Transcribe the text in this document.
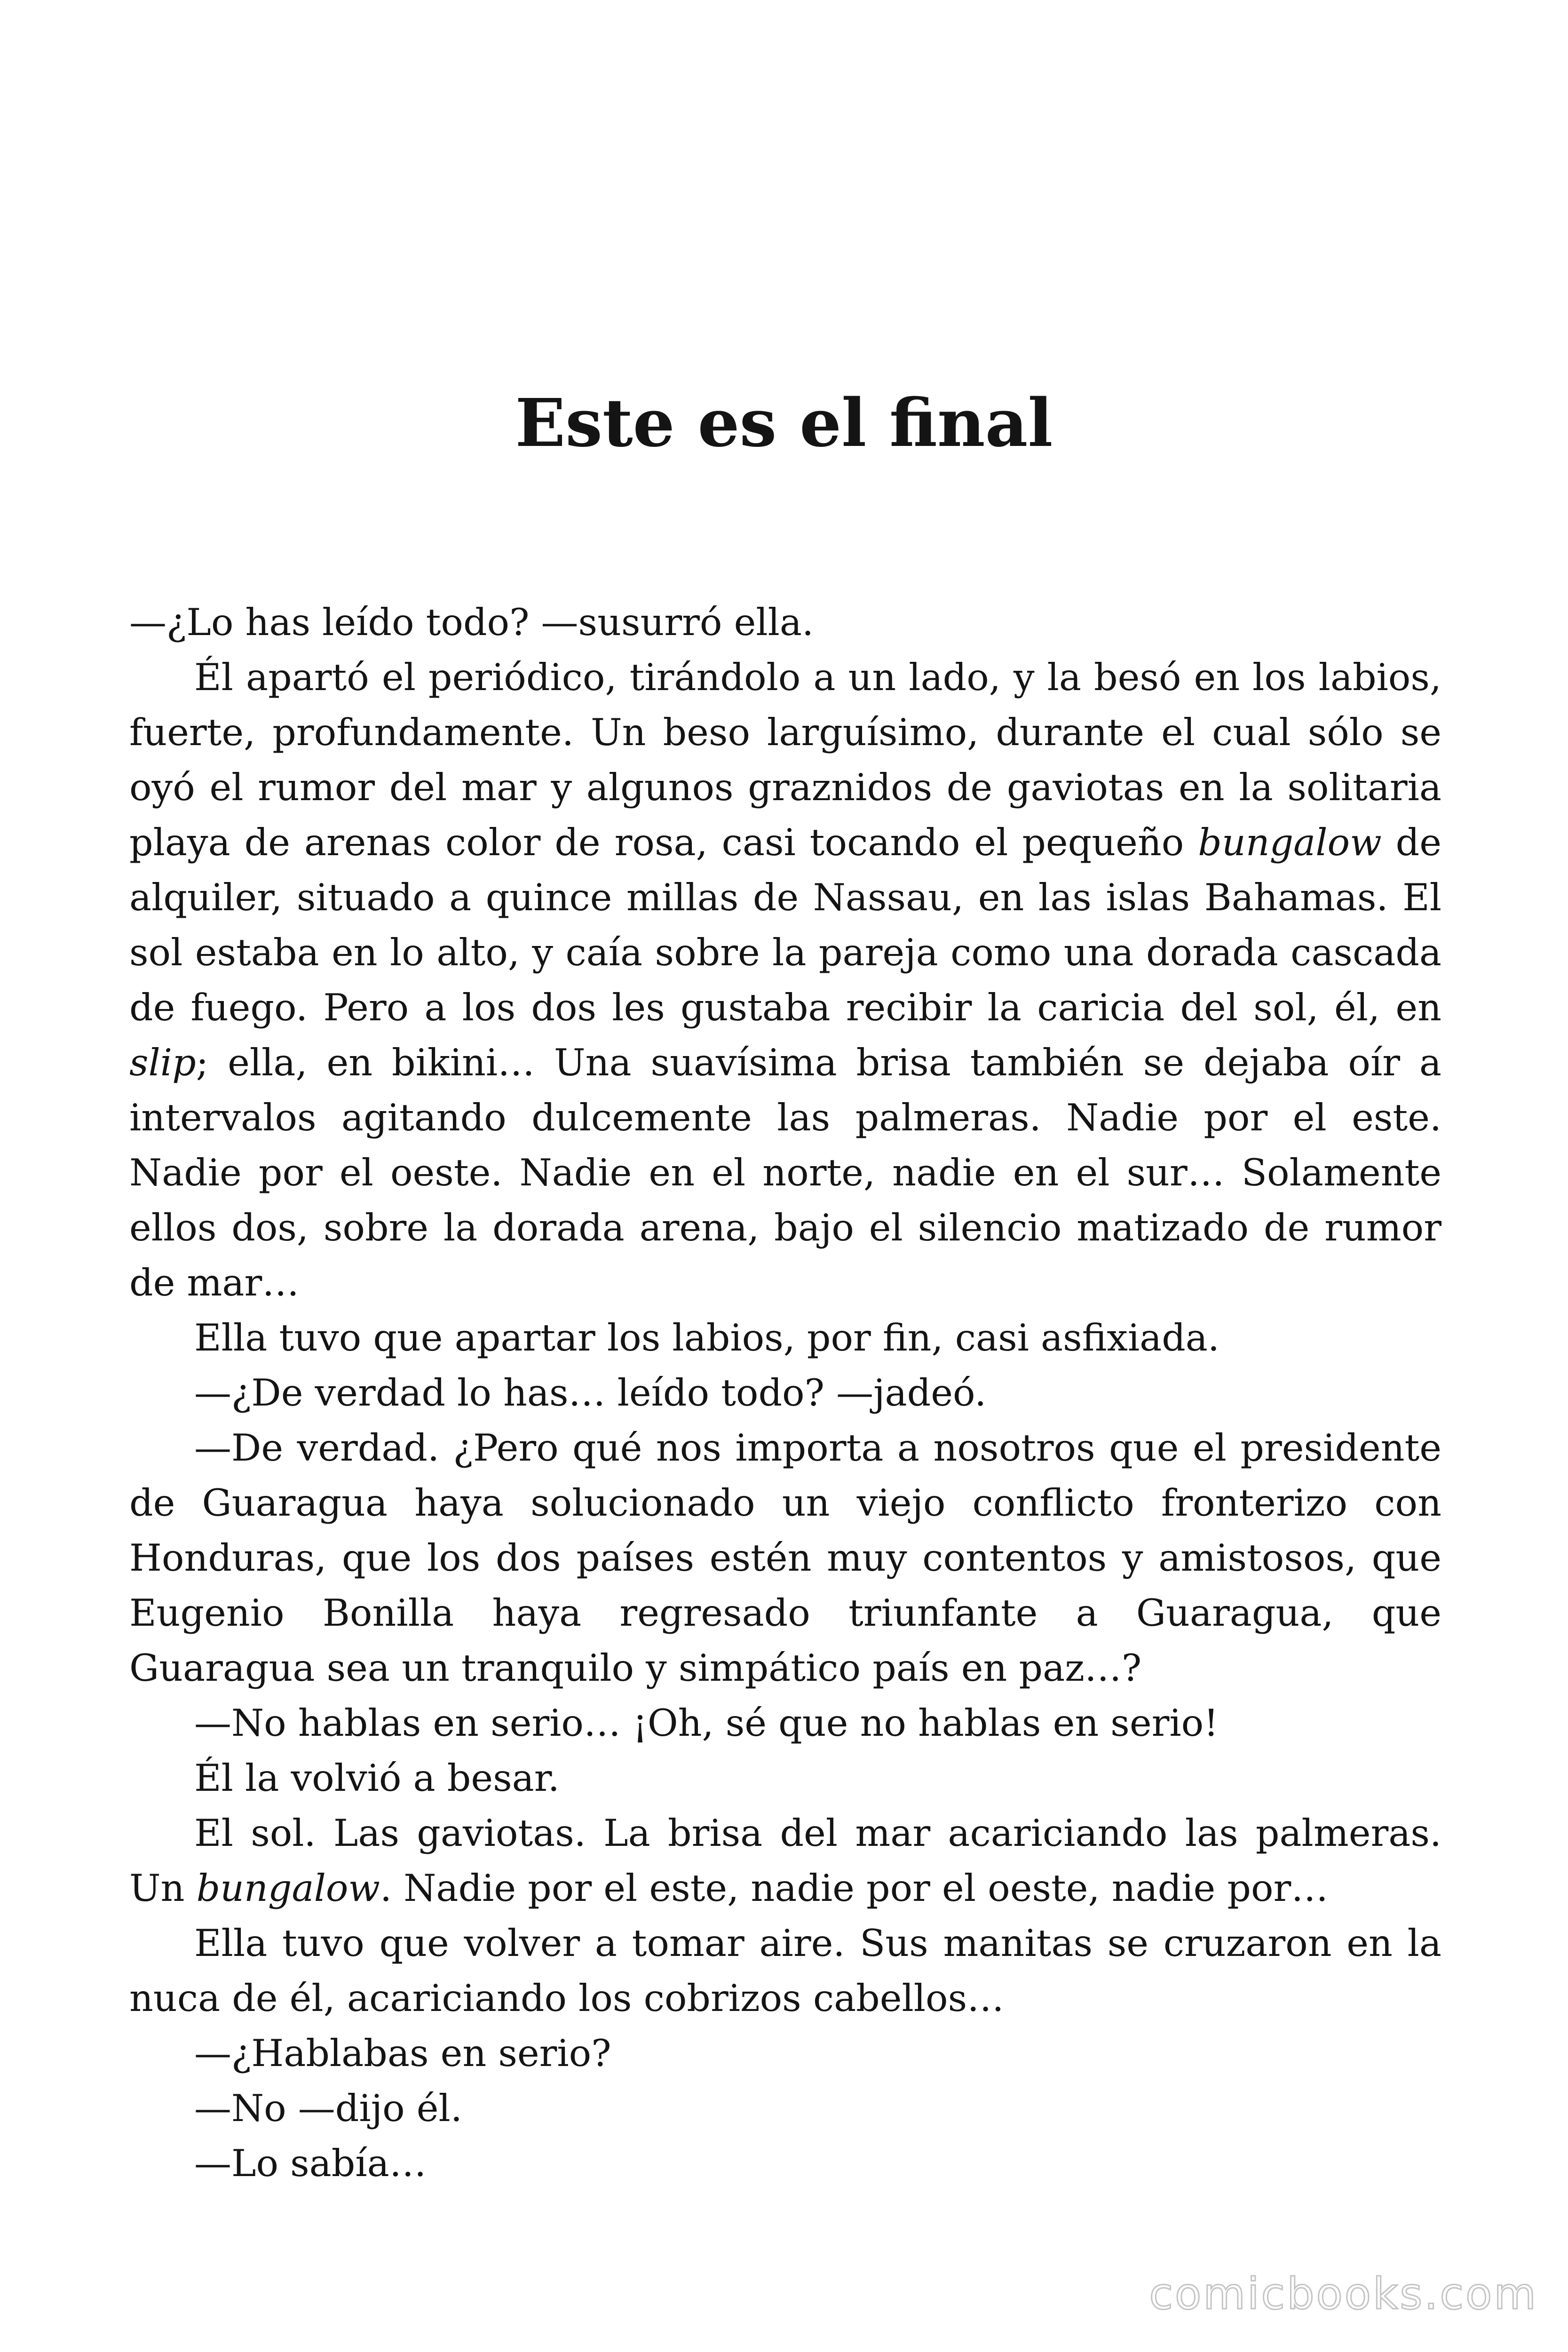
Este es el final

—¿Lo has leído todo? —susurró ella.

Él apartó el periódico, tirándolo a un lado, y la besó en los labios, fuerte, profundamente. Un beso larguísimo, durante el cual sólo se oyó el rumor del mar y algunos graznidos de gaviotas en la solitaria playa de arenas color de rosa, casi tocando el pequeño bungalow de alquiler, situado a quince millas de Nassau, en las islas Bahamas. El sol estaba en lo alto, y caía sobre la pareja como una dorada cascada de fuego. Pero a los dos les gustaba recibir la caricia del sol, él, en slip; ella, en bikini… Una suavísima brisa también se dejaba oír a intervalos agitando dulcemente las palmeras. Nadie por el este. Nadie por el oeste. Nadie en el norte, nadie en el sur… Solamente ellos dos, sobre la dorada arena, bajo el silencio matizado de rumor de mar…

Ella tuvo que apartar los labios, por fin, casi asfixiada.

—¿De verdad lo has… leído todo? —jadeó.

—De verdad. ¿Pero qué nos importa a nosotros que el presidente de Guaragua haya solucionado un viejo conflicto fronterizo con Honduras, que los dos países estén muy contentos y amistosos, que Eugenio Bonilla haya regresado triunfante a Guaragua, que Guaragua sea un tranquilo y simpático país en paz…?

—No hablas en serio… ¡Oh, sé que no hablas en serio!

Él la volvió a besar.

El sol. Las gaviotas. La brisa del mar acariciando las palmeras. Un bungalow. Nadie por el este, nadie por el oeste, nadie por…

Ella tuvo que volver a tomar aire. Sus manitas se cruzaron en la nuca de él, acariciando los cobrizos cabellos…

—¿Hablabas en serio?

—No —dijo él.

—Lo sabía…

comicbooks.com
